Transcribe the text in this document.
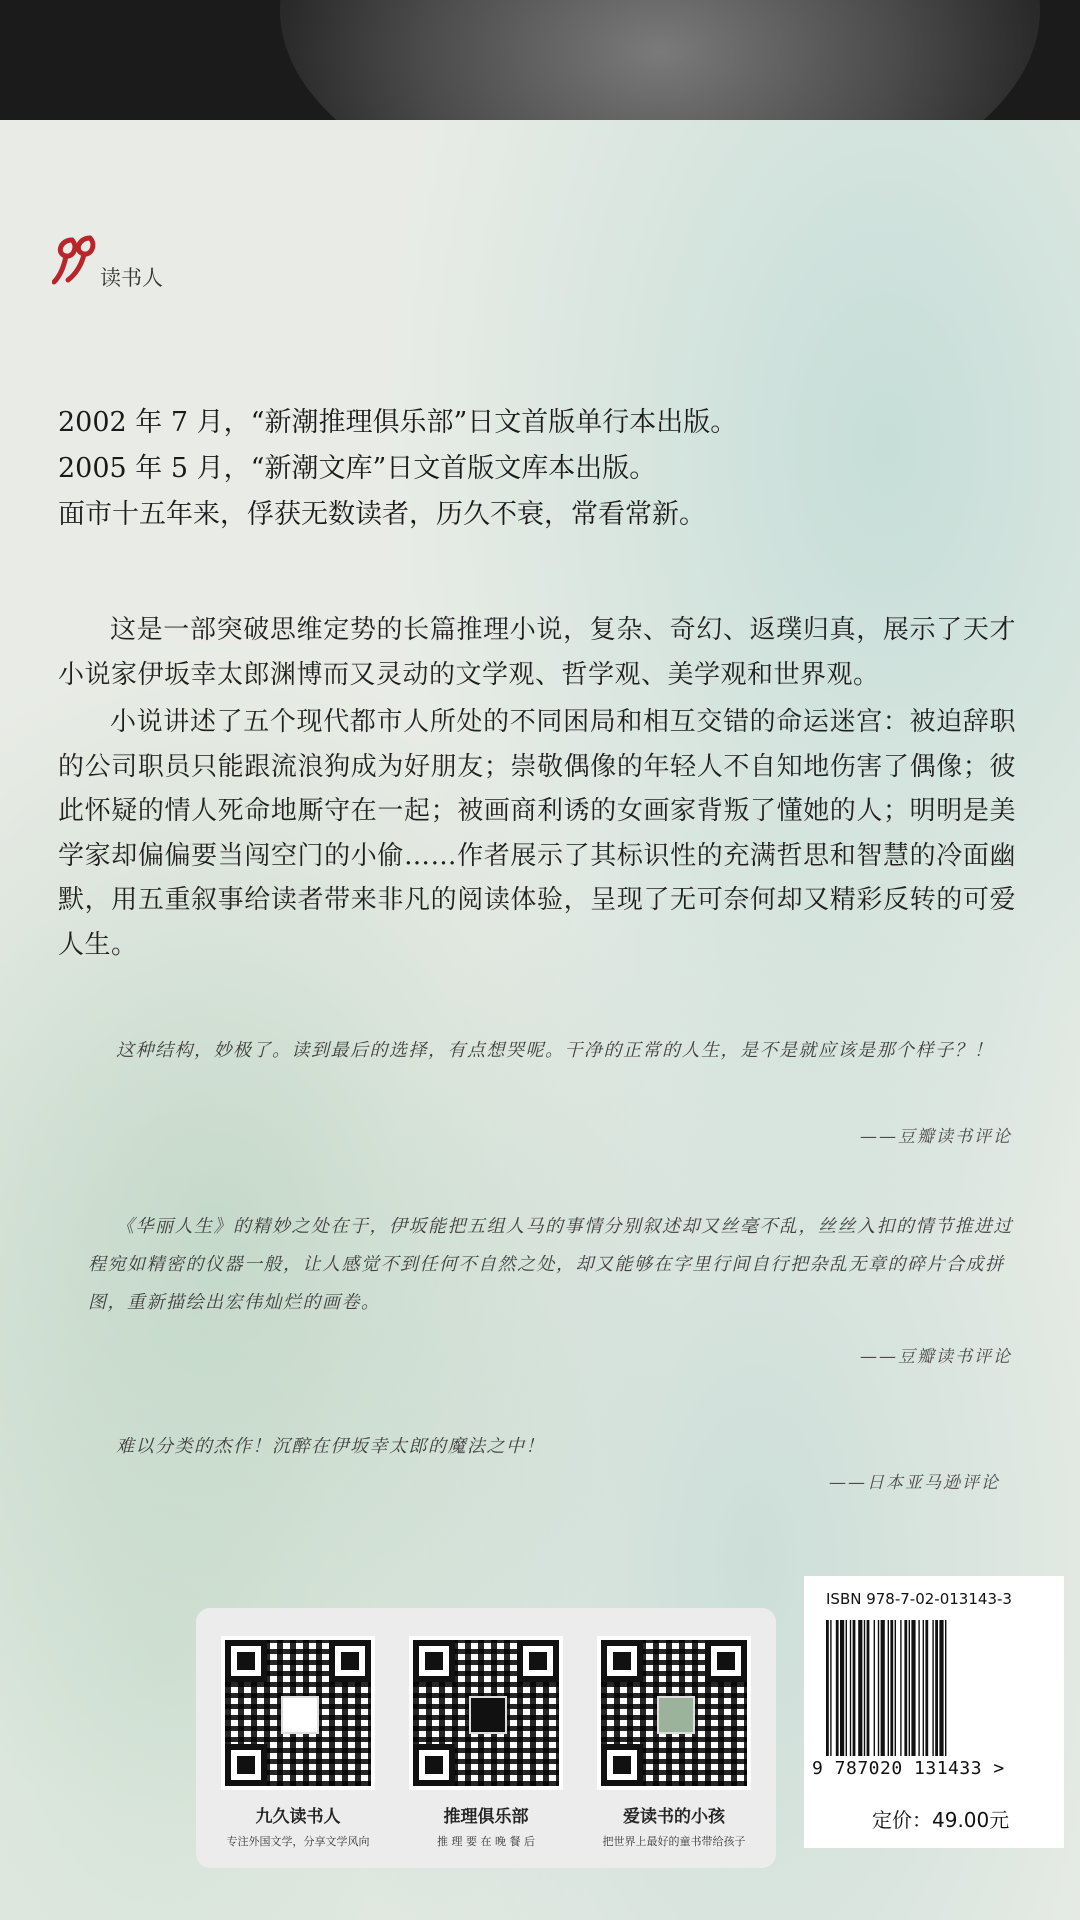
读书人
2002 年 7 月，“新潮推理俱乐部”日文首版单行本出版。
2005 年 5 月，“新潮文库”日文首版文库本出版。
面市十五年来，俘获无数读者，历久不衰，常看常新。
这是一部突破思维定势的长篇推理小说，复杂、奇幻、返璞归真，展示了天才小说家伊坂幸太郎渊博而又灵动的文学观、哲学观、美学观和世界观。
小说讲述了五个现代都市人所处的不同困局和相互交错的命运迷宫：被迫辞职的公司职员只能跟流浪狗成为好朋友；崇敬偶像的年轻人不自知地伤害了偶像；彼此怀疑的情人死命地厮守在一起；被画商利诱的女画家背叛了懂她的人；明明是美学家却偏偏要当闯空门的小偷……作者展示了其标识性的充满哲思和智慧的冷面幽默，用五重叙事给读者带来非凡的阅读体验，呈现了无可奈何却又精彩反转的可爱人生。
这种结构，妙极了。读到最后的选择，有点想哭呢。干净的正常的人生，是不是就应该是那个样子？！
——豆瓣读书评论
《华丽人生》的精妙之处在于，伊坂能把五组人马的事情分别叙述却又丝毫不乱，丝丝入扣的情节推进过程宛如精密的仪器一般，让人感觉不到任何不自然之处，却又能够在字里行间自行把杂乱无章的碎片合成拼图，重新描绘出宏伟灿烂的画卷。
——豆瓣读书评论
难以分类的杰作！沉醉在伊坂幸太郎的魔法之中！
——日本亚马逊评论
九久读书人
专注外国文学，分享文学风向
推理俱乐部
推 理 要 在 晚 餐 后
爱读书的小孩
把世界上最好的童书带给孩子
ISBN 978-7-02-013143-3
9 787020 131433 >
定价：49.00元
